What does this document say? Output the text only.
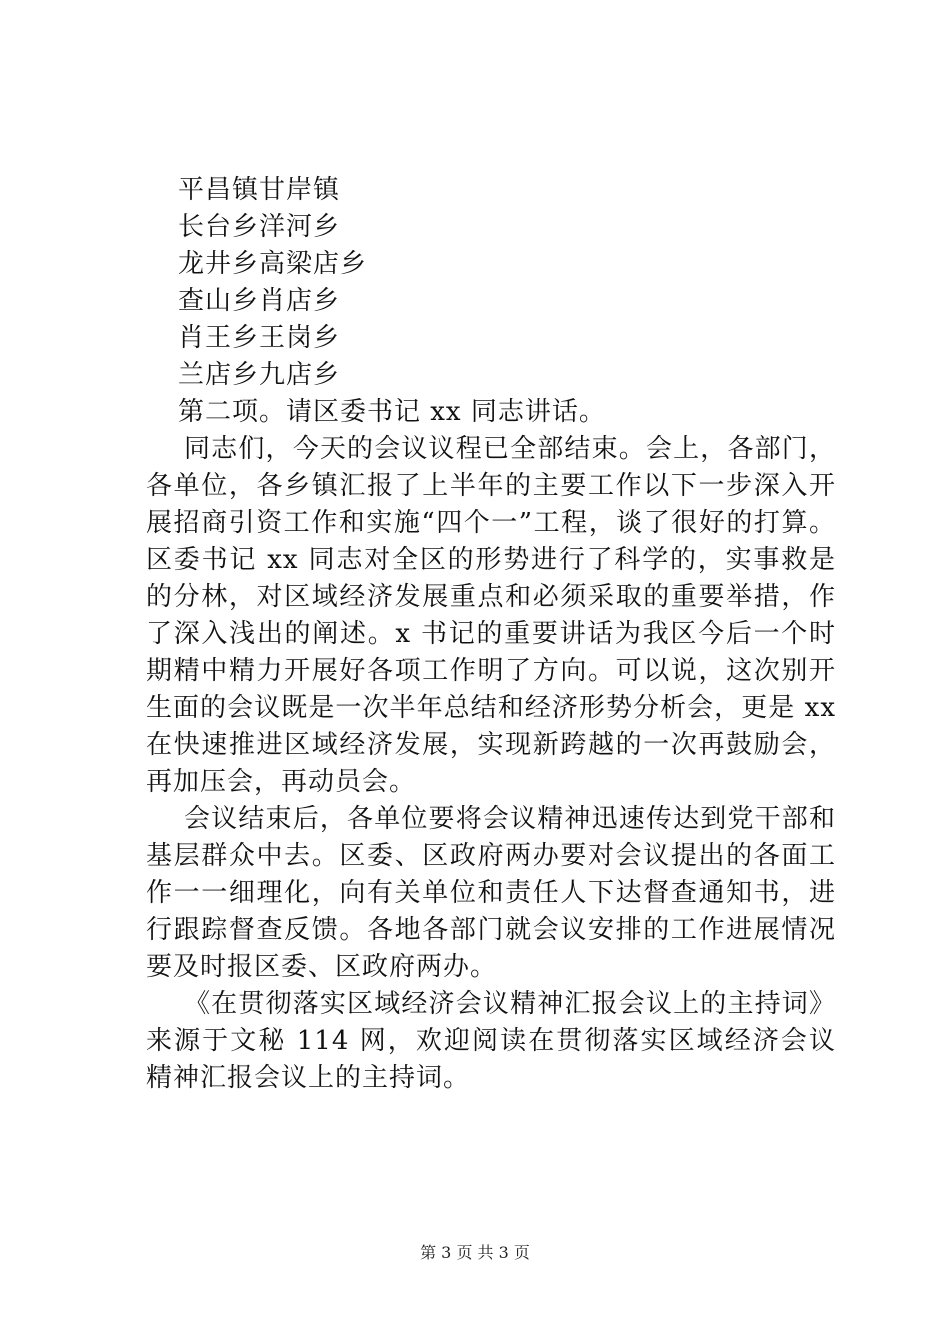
平昌镇甘岸镇

长台乡洋河乡

龙井乡高梁店乡

查山乡肖店乡

肖王乡王岗乡

兰店乡九店乡

第二项。请区委书记 xx 同志讲话。

同志们，今天的会议议程已全部结束。会上，各部门，各单位，各乡镇汇报了上半年的主要工作以下一步深入开展招商引资工作和实施“四个一”工程，谈了很好的打算。区委书记 xx 同志对全区的形势进行了科学的，实事救是的分林，对区域经济发展重点和必须采取的重要举措，作了深入浅出的阐述。x 书记的重要讲话为我区今后一个时期精中精力开展好各项工作明了方向。可以说，这次别开生面的会议既是一次半年总结和经济形势分析会，更是 xx 在快速推进区域经济发展，实现新跨越的一次再鼓励会，再加压会，再动员会。

会议结束后，各单位要将会议精神迅速传达到党干部和基层群众中去。区委、区政府两办要对会议提出的各面工作一一细理化，向有关单位和责任人下达督查通知书，进行跟踪督查反馈。各地各部门就会议安排的工作进展情况要及时报区委、区政府两办。

《在贯彻落实区域经济会议精神汇报会议上的主持词》来源于文秘 114 网，欢迎阅读在贯彻落实区域经济会议精神汇报会议上的主持词。

第 3 页 共 3 页
